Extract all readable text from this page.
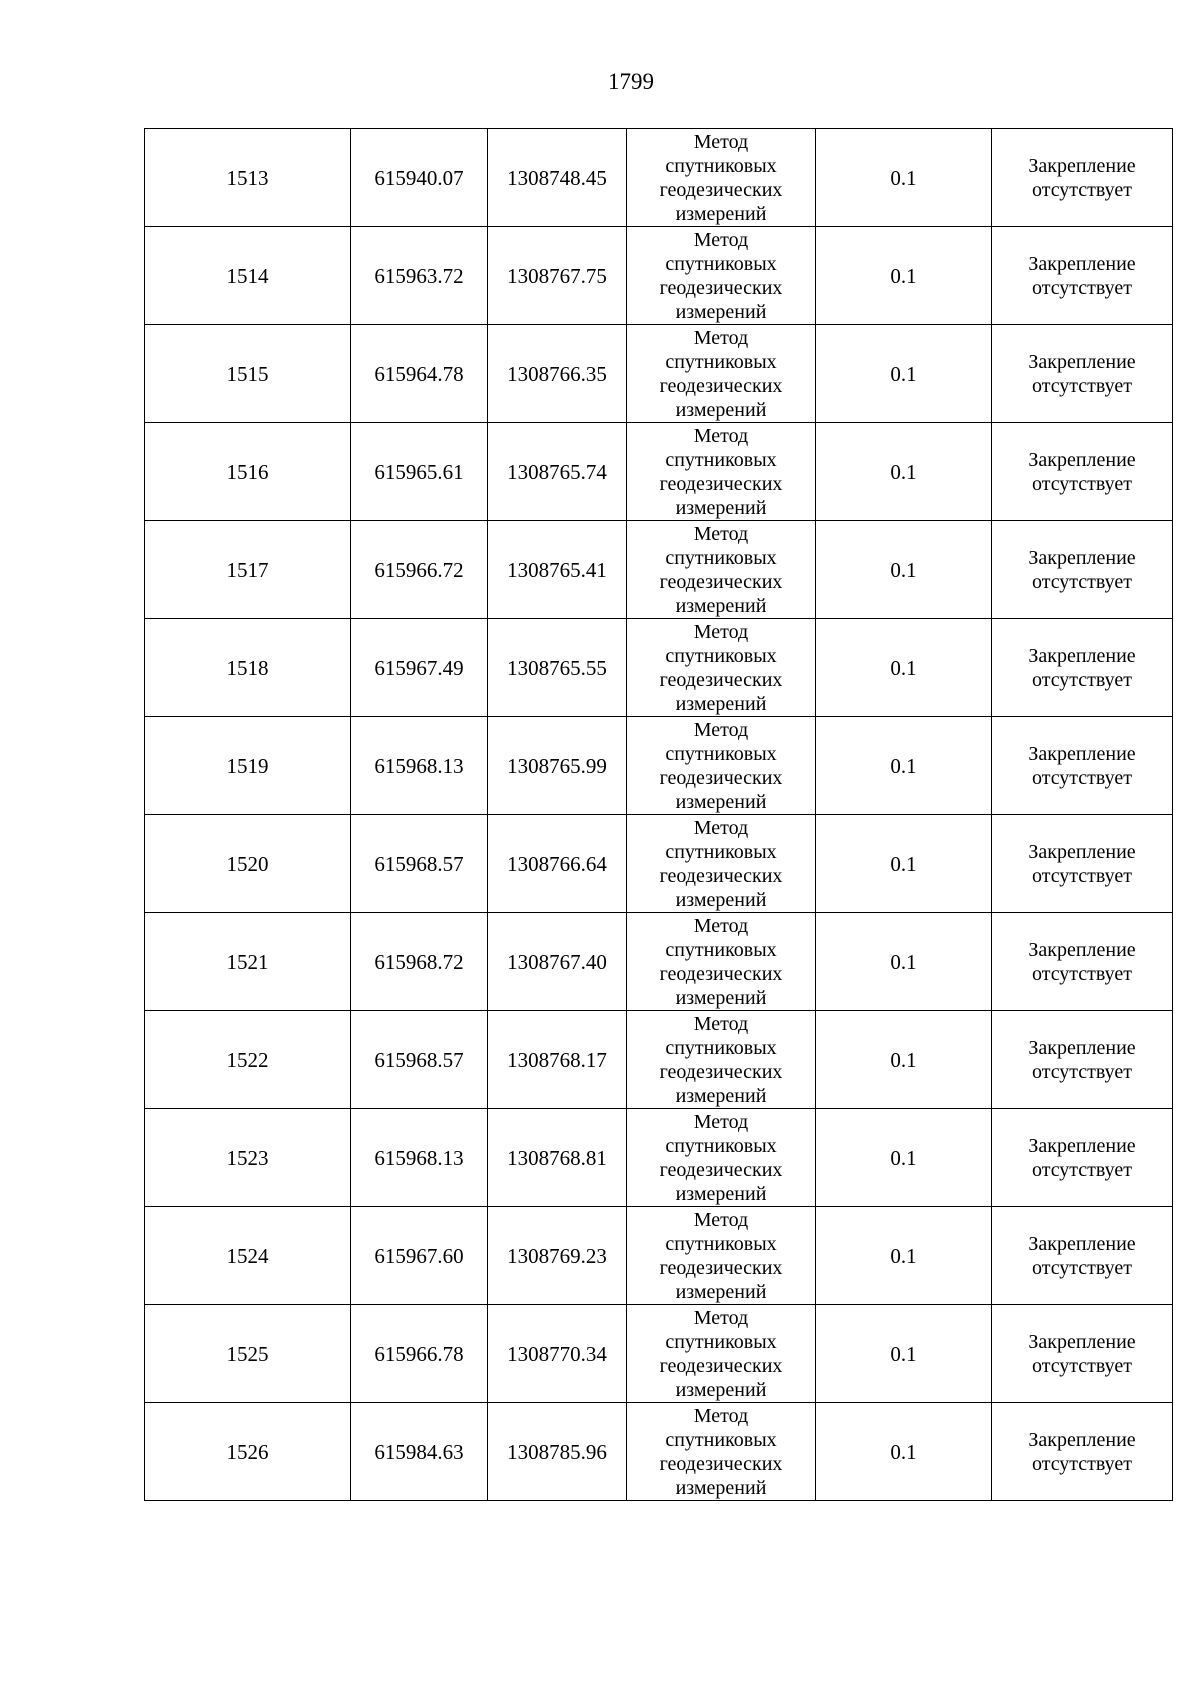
1799
1513	615940.07	1308748.45	Метод
спутниковых
геодезических
измерений	0.1	Закрепление
отсутствует

1514	615963.72	1308767.75	Метод
спутниковых
геодезических
измерений	0.1	Закрепление
отсутствует

1515	615964.78	1308766.35	Метод
спутниковых
геодезических
измерений	0.1	Закрепление
отсутствует

1516	615965.61	1308765.74	Метод
спутниковых
геодезических
измерений	0.1	Закрепление
отсутствует

1517	615966.72	1308765.41	Метод
спутниковых
геодезических
измерений	0.1	Закрепление
отсутствует

1518	615967.49	1308765.55	Метод
спутниковых
геодезических
измерений	0.1	Закрепление
отсутствует

1519	615968.13	1308765.99	Метод
спутниковых
геодезических
измерений	0.1	Закрепление
отсутствует

1520	615968.57	1308766.64	Метод
спутниковых
геодезических
измерений	0.1	Закрепление
отсутствует

1521	615968.72	1308767.40	Метод
спутниковых
геодезических
измерений	0.1	Закрепление
отсутствует

1522	615968.57	1308768.17	Метод
спутниковых
геодезических
измерений	0.1	Закрепление
отсутствует

1523	615968.13	1308768.81	Метод
спутниковых
геодезических
измерений	0.1	Закрепление
отсутствует

1524	615967.60	1308769.23	Метод
спутниковых
геодезических
измерений	0.1	Закрепление
отсутствует

1525	615966.78	1308770.34	Метод
спутниковых
геодезических
измерений	0.1	Закрепление
отсутствует

1526	615984.63	1308785.96	Метод
спутниковых
геодезических
измерений	0.1	Закрепление
отсутствует
